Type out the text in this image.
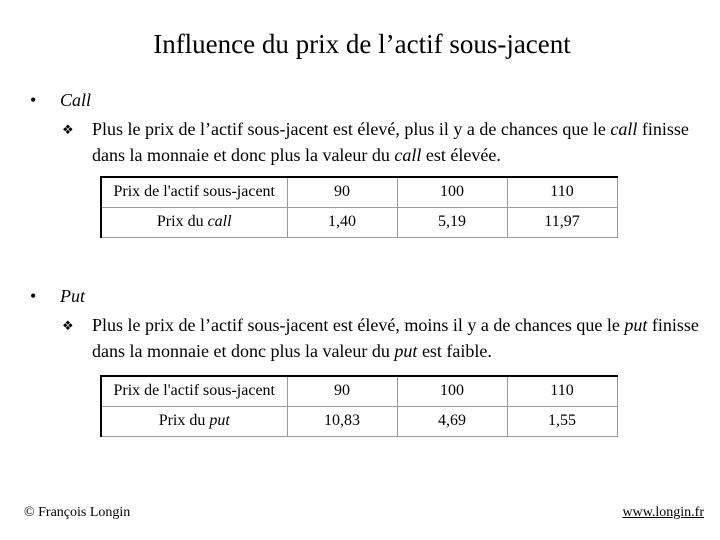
Influence du prix de l’actif sous-jacent
• Call
❖ Plus le prix de l’actif sous-jacent est élevé, plus il y a de chances que le call finisse dans la monnaie et donc plus la valeur du call est élevée.
Prix de l'actif sous-jacent	90	100	110
Prix du call	1,40	5,19	11,97
• Put
❖ Plus le prix de l’actif sous-jacent est élevé, moins il y a de chances que le put finisse dans la monnaie et donc plus la valeur du put est faible.
Prix de l'actif sous-jacent	90	100	110
Prix du put	10,83	4,69	1,55
© François Longin	www.longin.fr
